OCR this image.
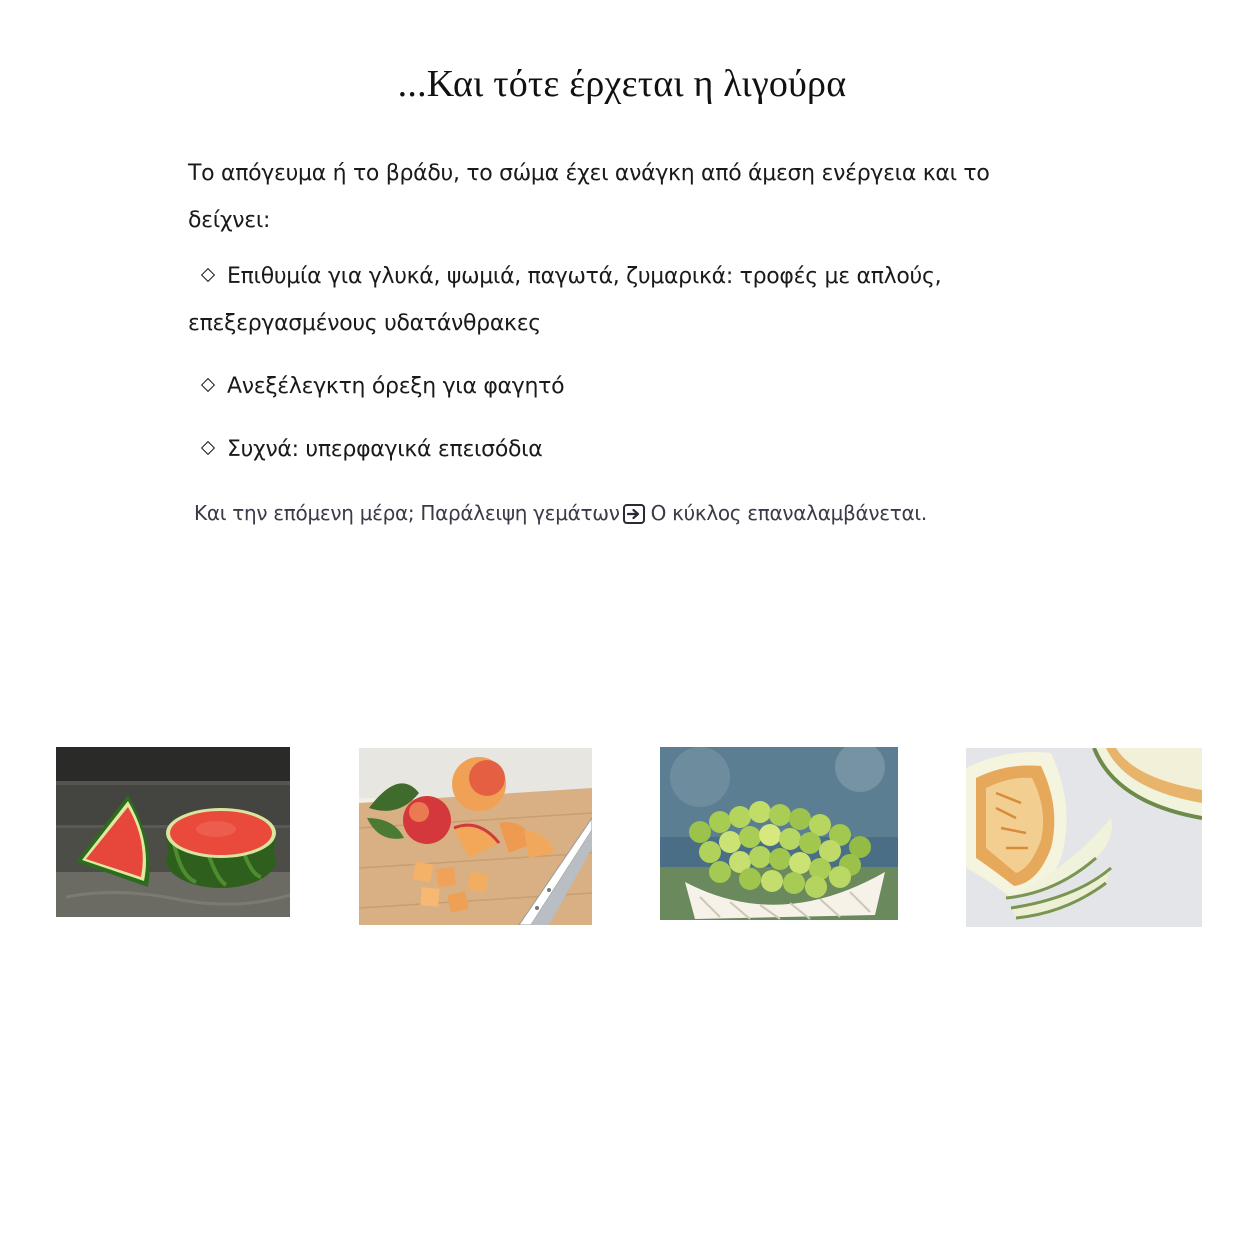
...Και τότε έρχεται η λιγούρα
Το απόγευμα ή το βράδυ, το σώμα έχει ανάγκη από άμεση ενέργεια και το δείχνει:
Επιθυμία για γλυκά, ψωμιά, παγωτά, ζυμαρικά: τροφές με απλούς, επεξεργασμένους υδατάνθρακες
Ανεξέλεγκτη όρεξη για φαγητό
Συχνά: υπερφαγικά επεισόδια
Και την επόμενη μέρα; Παράλειψη γεμάτων Ο κύκλος επαναλαμβάνεται.
